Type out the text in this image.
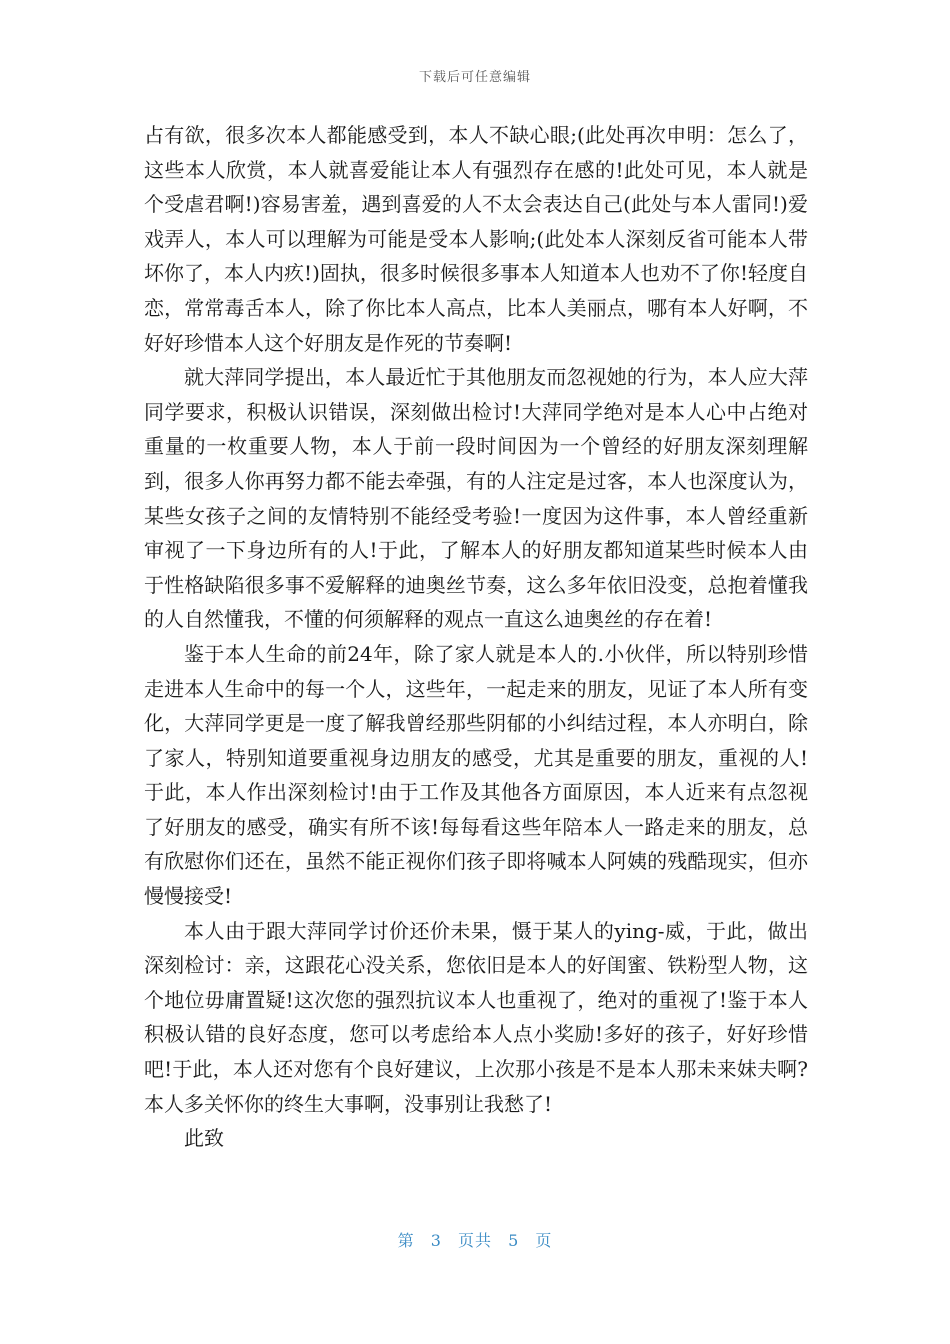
下载后可任意编辑

占有欲，很多次本人都能感受到，本人不缺心眼;(此处再次申明：怎么了，这些本人欣赏，本人就喜爱能让本人有强烈存在感的!此处可见，本人就是个受虐君啊!)容易害羞，遇到喜爱的人不太会表达自己(此处与本人雷同!)爱戏弄人，本人可以理解为可能是受本人影响;(此处本人深刻反省可能本人带坏你了，本人内疚!)固执，很多时候很多事本人知道本人也劝不了你!轻度自恋，常常毒舌本人，除了你比本人高点，比本人美丽点，哪有本人好啊，不好好珍惜本人这个好朋友是作死的节奏啊!

就大萍同学提出，本人最近忙于其他朋友而忽视她的行为，本人应大萍同学要求，积极认识错误，深刻做出检讨!大萍同学绝对是本人心中占绝对重量的一枚重要人物，本人于前一段时间因为一个曾经的好朋友深刻理解到，很多人你再努力都不能去牵强，有的人注定是过客，本人也深度认为，某些女孩子之间的友情特别不能经受考验!一度因为这件事，本人曾经重新审视了一下身边所有的人!于此，了解本人的好朋友都知道某些时候本人由于性格缺陷很多事不爱解释的迪奥丝节奏，这么多年依旧没变，总抱着懂我的人自然懂我，不懂的何须解释的观点一直这么迪奥丝的存在着!

鉴于本人生命的前24年，除了家人就是本人的.小伙伴，所以特别珍惜走进本人生命中的每一个人，这些年，一起走来的朋友，见证了本人所有变化，大萍同学更是一度了解我曾经那些阴郁的小纠结过程，本人亦明白，除了家人，特别知道要重视身边朋友的感受，尤其是重要的朋友，重视的人!于此，本人作出深刻检讨!由于工作及其他各方面原因，本人近来有点忽视了好朋友的感受，确实有所不该!每每看这些年陪本人一路走来的朋友，总有欣慰你们还在，虽然不能正视你们孩子即将喊本人阿姨的残酷现实，但亦慢慢接受!

本人由于跟大萍同学讨价还价未果，慑于某人的ying-威，于此，做出深刻检讨：亲，这跟花心没关系，您依旧是本人的好闺蜜、铁粉型人物，这个地位毋庸置疑!这次您的强烈抗议本人也重视了，绝对的重视了!鉴于本人积极认错的良好态度，您可以考虑给本人点小奖励!多好的孩子，好好珍惜吧!于此，本人还对您有个良好建议，上次那小孩是不是本人那未来妹夫啊?本人多关怀你的终生大事啊，没事别让我愁了!

此致

第 3 页共 5 页
